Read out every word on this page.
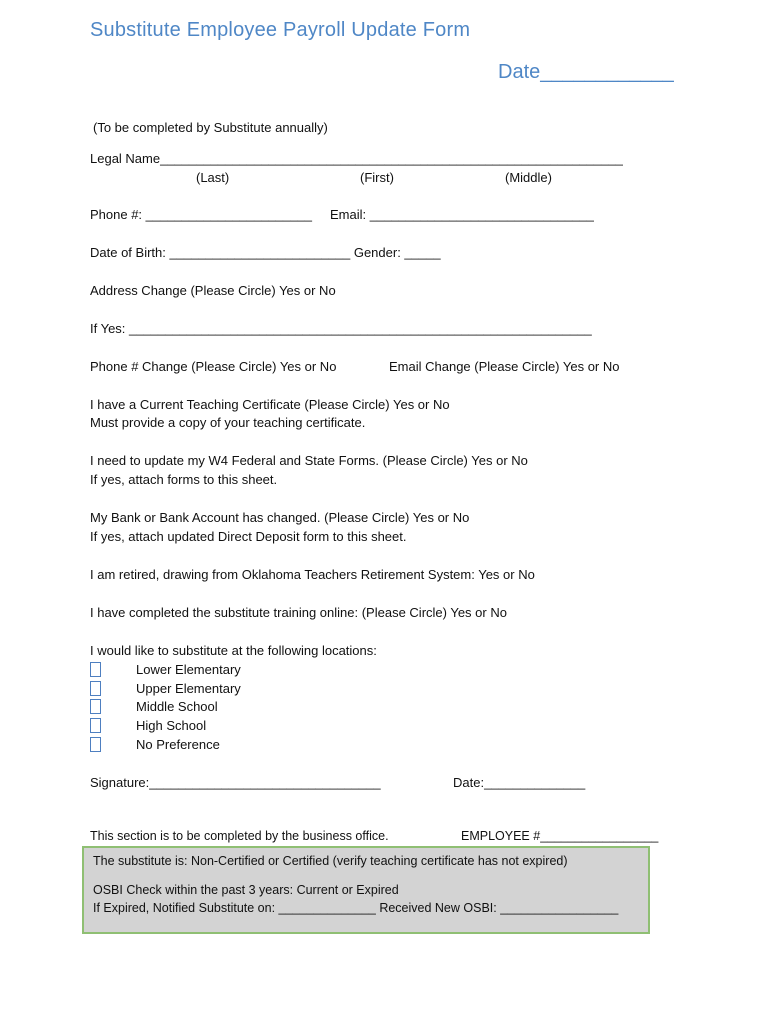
Substitute Employee Payroll Update Form
Date____________
(To be completed by Substitute annually)
Legal Name________________________________________________________________
(Last)	(First)	(Middle)
Phone #: _______________________ Email: _______________________________
Date of Birth: _________________________ Gender: _____
Address Change (Please Circle) Yes or No
If Yes: ________________________________________________________________
Phone # Change (Please Circle) Yes or No	Email Change (Please Circle) Yes or No
I have a Current Teaching Certificate (Please Circle) Yes or No
Must provide a copy of your teaching certificate.
I need to update my W4 Federal and State Forms. (Please Circle) Yes or No
If yes, attach forms to this sheet.
My Bank or Bank Account has changed. (Please Circle) Yes or No
If yes, attach updated Direct Deposit form to this sheet.
I am retired, drawing from Oklahoma Teachers Retirement System: Yes or No
I have completed the substitute training online: (Please Circle) Yes or No
I would like to substitute at the following locations:
Lower Elementary
Upper Elementary
Middle School
High School
No Preference
Signature:________________________________	Date:______________
This section is to be completed by the business office.	EMPLOYEE #_________________
The substitute is: Non-Certified or Certified (verify teaching certificate has not expired)
OSBI Check within the past 3 years: Current or Expired
If Expired, Notified Substitute on: ______________ Received New OSBI: _________________
